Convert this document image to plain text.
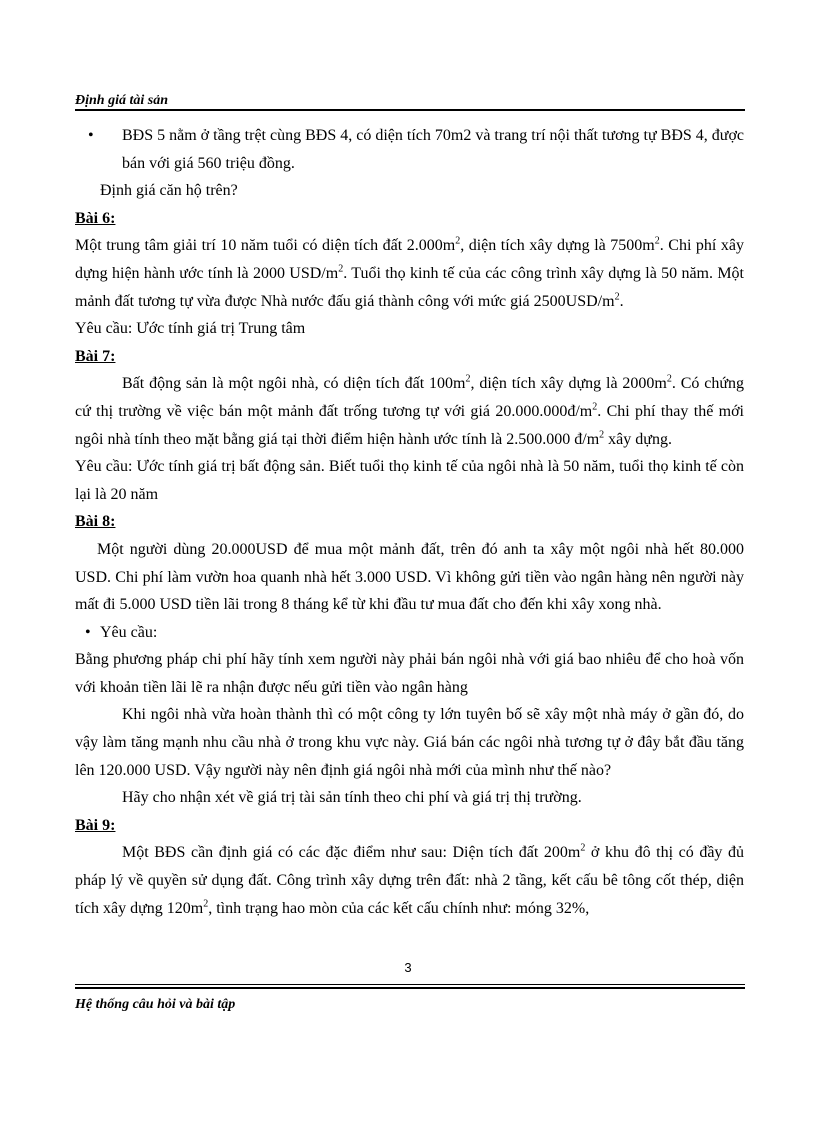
Định giá tài sản

• BĐS 5 nằm ở tầng trệt cùng BĐS 4, có diện tích 70m2 và trang trí nội thất tương tự BĐS 4, được bán với giá 560 triệu đồng.

Định giá căn hộ trên?

Bài 6:

Một trung tâm giải trí 10 năm tuổi có diện tích đất $2.000m^2$, diện tích xây dựng là $7500m^2$. Chi phí xây dựng hiện hành ước tính là 2000 USD/$m^2$. Tuổi thọ kinh tế của các công trình xây dựng là 50 năm. Một mảnh đất tương tự vừa được Nhà nước đấu giá thành công với mức giá $2500USD/m^2$.

Yêu cầu: Ước tính giá trị Trung tâm

Bài 7:

Bất động sản là một ngôi nhà, có diện tích đất $100m^2$, diện tích xây dựng là $2000m^2$. Có chứng cứ thị trường về việc bán một mảnh đất trống tương tự với giá $20.000.000đ/m^2$. Chi phí thay thế mới ngôi nhà tính theo mặt bằng giá tại thời điểm hiện hành ước tính là 2.500.000 $đ/m^2$ xây dựng.

Yêu cầu: Ước tính giá trị bất động sản. Biết tuổi thọ kinh tế của ngôi nhà là 50 năm, tuổi thọ kinh tế còn lại là 20 năm

Bài 8:

Một người dùng 20.000USD để mua một mảnh đất, trên đó anh ta xây một ngôi nhà hết 80.000 USD. Chi phí làm vườn hoa quanh nhà hết 3.000 USD. Vì không gửi tiền vào ngân hàng nên người này mất đi 5.000 USD tiền lãi trong 8 tháng kể từ khi đầu tư mua đất cho đến khi xây xong nhà.

• Yêu cầu:

Bằng phương pháp chi phí hãy tính xem người này phải bán ngôi nhà với giá bao nhiêu để cho hoà vốn với khoản tiền lãi lẽ ra nhận được nếu gửi tiền vào ngân hàng

Khi ngôi nhà vừa hoàn thành thì có một công ty lớn tuyên bố sẽ xây một nhà máy ở gần đó, do vậy làm tăng mạnh nhu cầu nhà ở trong khu vực này. Giá bán các ngôi nhà tương tự ở đây bắt đầu tăng lên 120.000 USD. Vậy người này nên định giá ngôi nhà mới của mình như thế nào?

Hãy cho nhận xét về giá trị tài sản tính theo chi phí và giá trị thị trường.

Bài 9:

Một BĐS cần định giá có các đặc điểm như sau: Diện tích đất $200m^2$ ở khu đô thị có đầy đủ pháp lý về quyền sử dụng đất. Công trình xây dựng trên đất: nhà 2 tầng, kết cấu bê tông cốt thép, diện tích xây dựng $120m^2$, tình trạng hao mòn của các kết cấu chính như: móng 32%,

3
Hệ thống câu hỏi và bài tập
